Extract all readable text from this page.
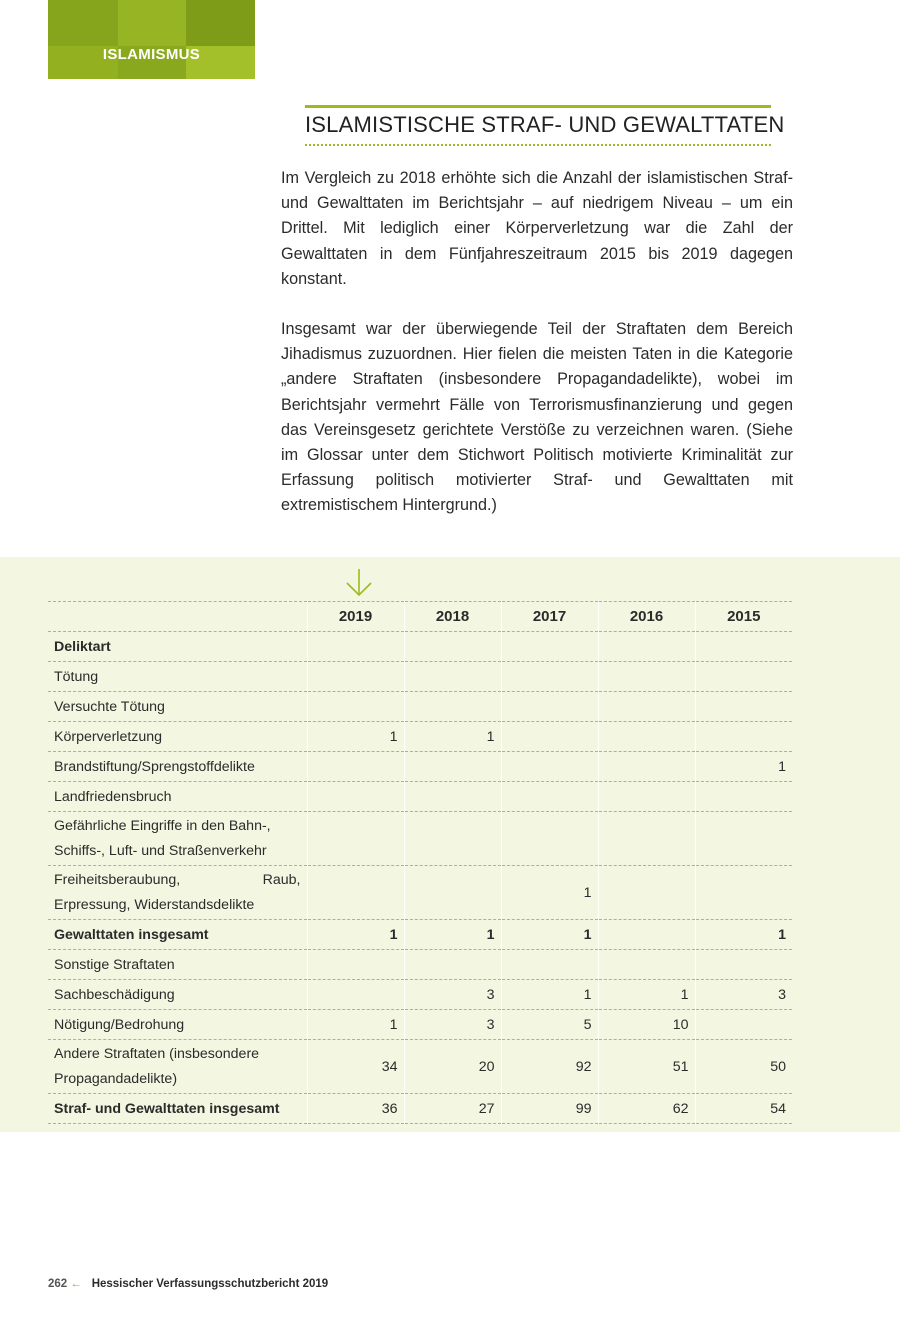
ISLAMISMUS
ISLAMISTISCHE STRAF- UND GEWALTTATEN

Im Vergleich zu 2018 erhöhte sich die Anzahl der islamistischen Straf- und Gewalttaten im Berichtsjahr – auf niedrigem Niveau – um ein Drittel. Mit lediglich einer Körperverletzung war die Zahl der Gewalttaten in dem Fünfjahreszeitraum 2015 bis 2019 dagegen konstant.

Insgesamt war der überwiegende Teil der Straftaten dem Bereich Jihadismus zuzuordnen. Hier fielen die meisten Taten in die Kategorie „andere Straftaten (insbesondere Propagandadelikte), wobei im Berichtsjahr vermehrt Fälle von Terrorismusfinanzierung und gegen das Vereinsgesetz gerichtete Verstöße zu verzeichnen waren. (Siehe im Glossar unter dem Stichwort Politisch motivierte Kriminalität zur Erfassung politisch motivierter Straf- und Gewalttaten mit extremistischem Hintergrund.)

	2019	2018	2017	2016	2015
Deliktart					
Tötung					
Versuchte Tötung					
Körperverletzung	1	1			
Brandstiftung/Sprengstoffdelikte					1
Landfriedensbruch					
Gefährliche Eingriffe in den Bahn-, Schiffs-, Luft- und Straßenverkehr					
Freiheitsberaubung, Raub, Erpressung, Widerstandsdelikte			1		
Gewalttaten insgesamt	1	1	1		1
Sonstige Straftaten					
Sachbeschädigung		3	1	1	3
Nötigung/Bedrohung	1	3	5	10	
Andere Straftaten (insbesondere Propagandadelikte)	34	20	92	51	50
Straf- und Gewalttaten insgesamt	36	27	99	62	54
262 ← Hessischer Verfassungsschutzbericht 2019
